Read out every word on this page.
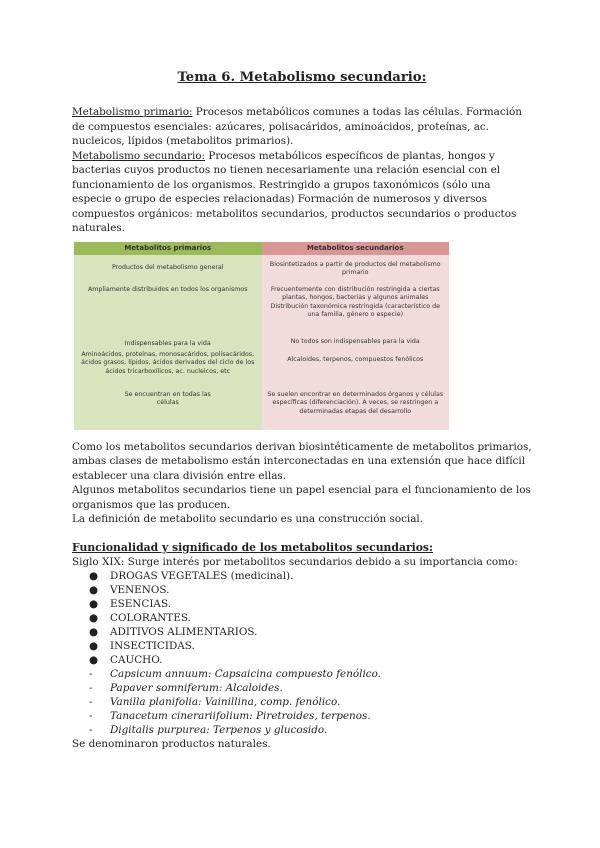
Tema 6. Metabolismo secundario:

Metabolismo primario: Procesos metabólicos comunes a todas las células. Formación de compuestos esenciales: azúcares, polisacáridos, aminoácidos, proteínas, ac. nucleicos, lípidos (metabolitos primarios).

Metabolismo secundario: Procesos metabólicos específicos de plantas, hongos y bacterias cuyos productos no tienen necesariamente una relación esencial con el funcionamiento de los organismos. Restringido a grupos taxonómicos (sólo una especie o grupo de especies relacionadas) Formación de numerosos y diversos compuestos orgánicos: metabolitos secundarios, productos secundarios o productos naturales.

Metabolitos primarios	Metabolitos secundarios
Productos del metabolismo general	Biosintetizados a partir de productos del metabolismo primario
Ampliamente distribuidos en todos los organismos	Frecuentemente con distribución restringida a ciertas plantas, hongos, bacterias y algunos animales Distribución taxonómica restringida (característico de una familia, género o especie)
Indispensables para la vida	No todos son indispensables para la vida
Aminoácidos, proteínas, monosacáridos, polisacáridos, ácidos grasos, lípidos, ácidos derivados del ciclo de los ácidos tricarboxílicos, ac. nucleicos, etc	Alcaloides, terpenos, compuestos fenólicos
Se encuentran en todas las células	Se suelen encontrar en determinados órganos y células específicas (diferenciación). A veces, se restringen a determinadas etapas del desarrollo

Como los metabolitos secundarios derivan biosintéticamente de metabolitos primarios, ambas clases de metabolismo están interconectadas en una extensión que hace difícil establecer una clara división entre ellas.

Algunos metabolitos secundarios tiene un papel esencial para el funcionamiento de los organismos que las producen.

La definición de metabolito secundario es una construcción social.

Funcionalidad y significado de los metabolitos secundarios:

Siglo XIX: Surge interés por metabolitos secundarios debido a su importancia como:

● DROGAS VEGETALES (medicinal).
● VENENOS.
● ESENCIAS.
● COLORANTES.
● ADITIVOS ALIMENTARIOS.
● INSECTICIDAS.
● CAUCHO.
- Capsicum annuum: Capsaicina compuesto fenólico.
- Papaver somniferum: Alcaloides.
- Vanilla planifolia: Vainillina, comp. fenólico.
- Tanacetum cinerariifolium: Piretroides, terpenos.
- Digitalis purpurea: Terpenos y glucosido.

Se denominaron productos naturales.
